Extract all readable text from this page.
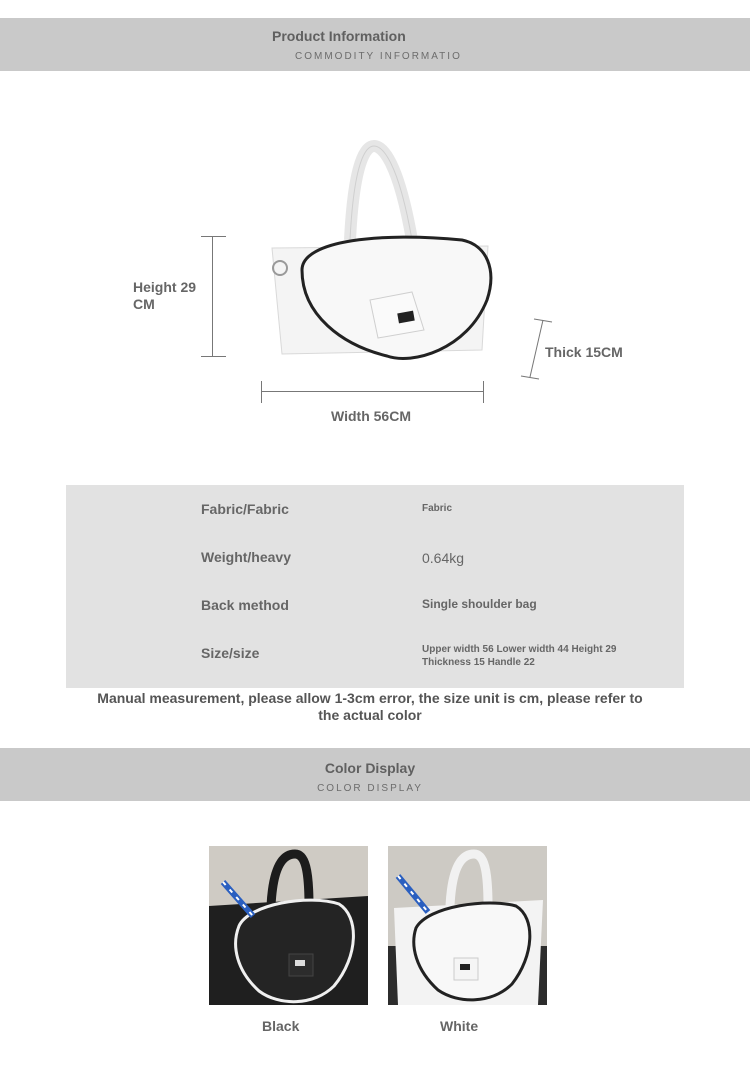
Product Information
COMMODITY INFORMATIO
Height 29
CM
Width 56CM
Thick 15CM
Fabric/Fabric	Fabric
Weight/heavy	0.64kg
Back method	Single shoulder bag
Size/size	Upper width 56 Lower width 44 Height 29 Thickness 15 Handle 22
Manual measurement, please allow 1-3cm error, the size unit is cm, please refer to the actual color
Color Display
COLOR DISPLAY
Black	White
